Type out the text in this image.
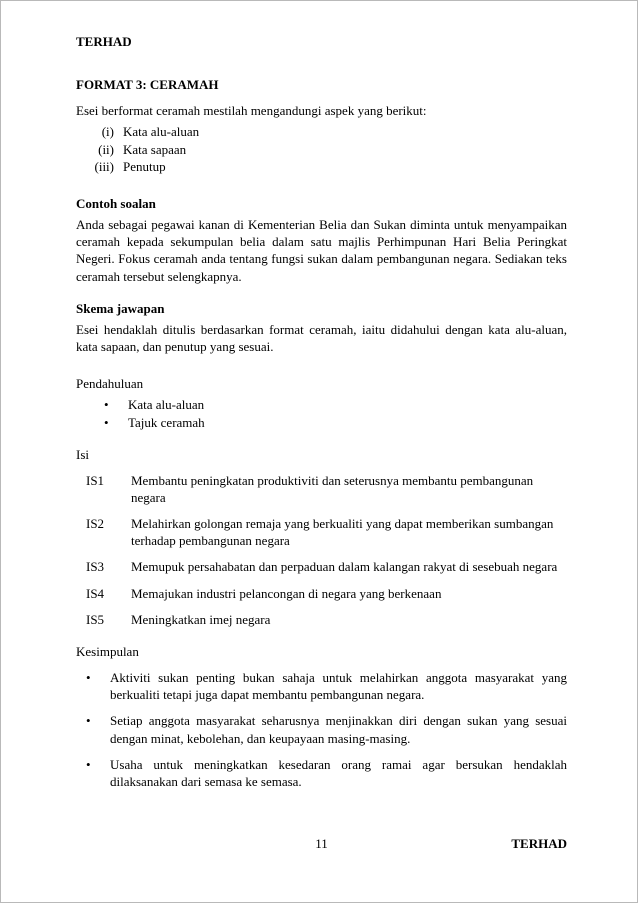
TERHAD

FORMAT 3: CERAMAH

Esei berformat ceramah mestilah mengandungi aspek yang berikut:

(i) Kata alu-aluan
(ii) Kata sapaan
(iii) Penutup

Contoh soalan

Anda sebagai pegawai kanan di Kementerian Belia dan Sukan diminta untuk menyampaikan ceramah kepada sekumpulan belia dalam satu majlis Perhimpunan Hari Belia Peringkat Negeri. Fokus ceramah anda tentang fungsi sukan dalam pembangunan negara. Sediakan teks ceramah tersebut selengkapnya.

Skema jawapan

Esei hendaklah ditulis berdasarkan format ceramah, iaitu didahului dengan kata alu-aluan, kata sapaan, dan penutup yang sesuai.

Pendahuluan

•	Kata alu-aluan
•	Tajuk ceramah

Isi

IS1	Membantu peningkatan produktiviti dan seterusnya membantu pembangunan negara
IS2	Melahirkan golongan remaja yang berkualiti yang dapat memberikan sumbangan terhadap pembangunan negara
IS3	Memupuk persahabatan dan perpaduan dalam kalangan rakyat di sesebuah negara
IS4	Memajukan industri pelancongan di negara yang berkenaan
IS5	Meningkatkan imej negara

Kesimpulan

•	Aktiviti sukan penting bukan sahaja untuk melahirkan anggota masyarakat yang berkualiti tetapi juga dapat membantu pembangunan negara.
•	Setiap anggota masyarakat seharusnya menjinakkan diri dengan sukan yang sesuai dengan minat, kebolehan, dan keupayaan masing-masing.
•	Usaha untuk meningkatkan kesedaran orang ramai agar bersukan hendaklah dilaksanakan dari semasa ke semasa.
11	TERHAD
